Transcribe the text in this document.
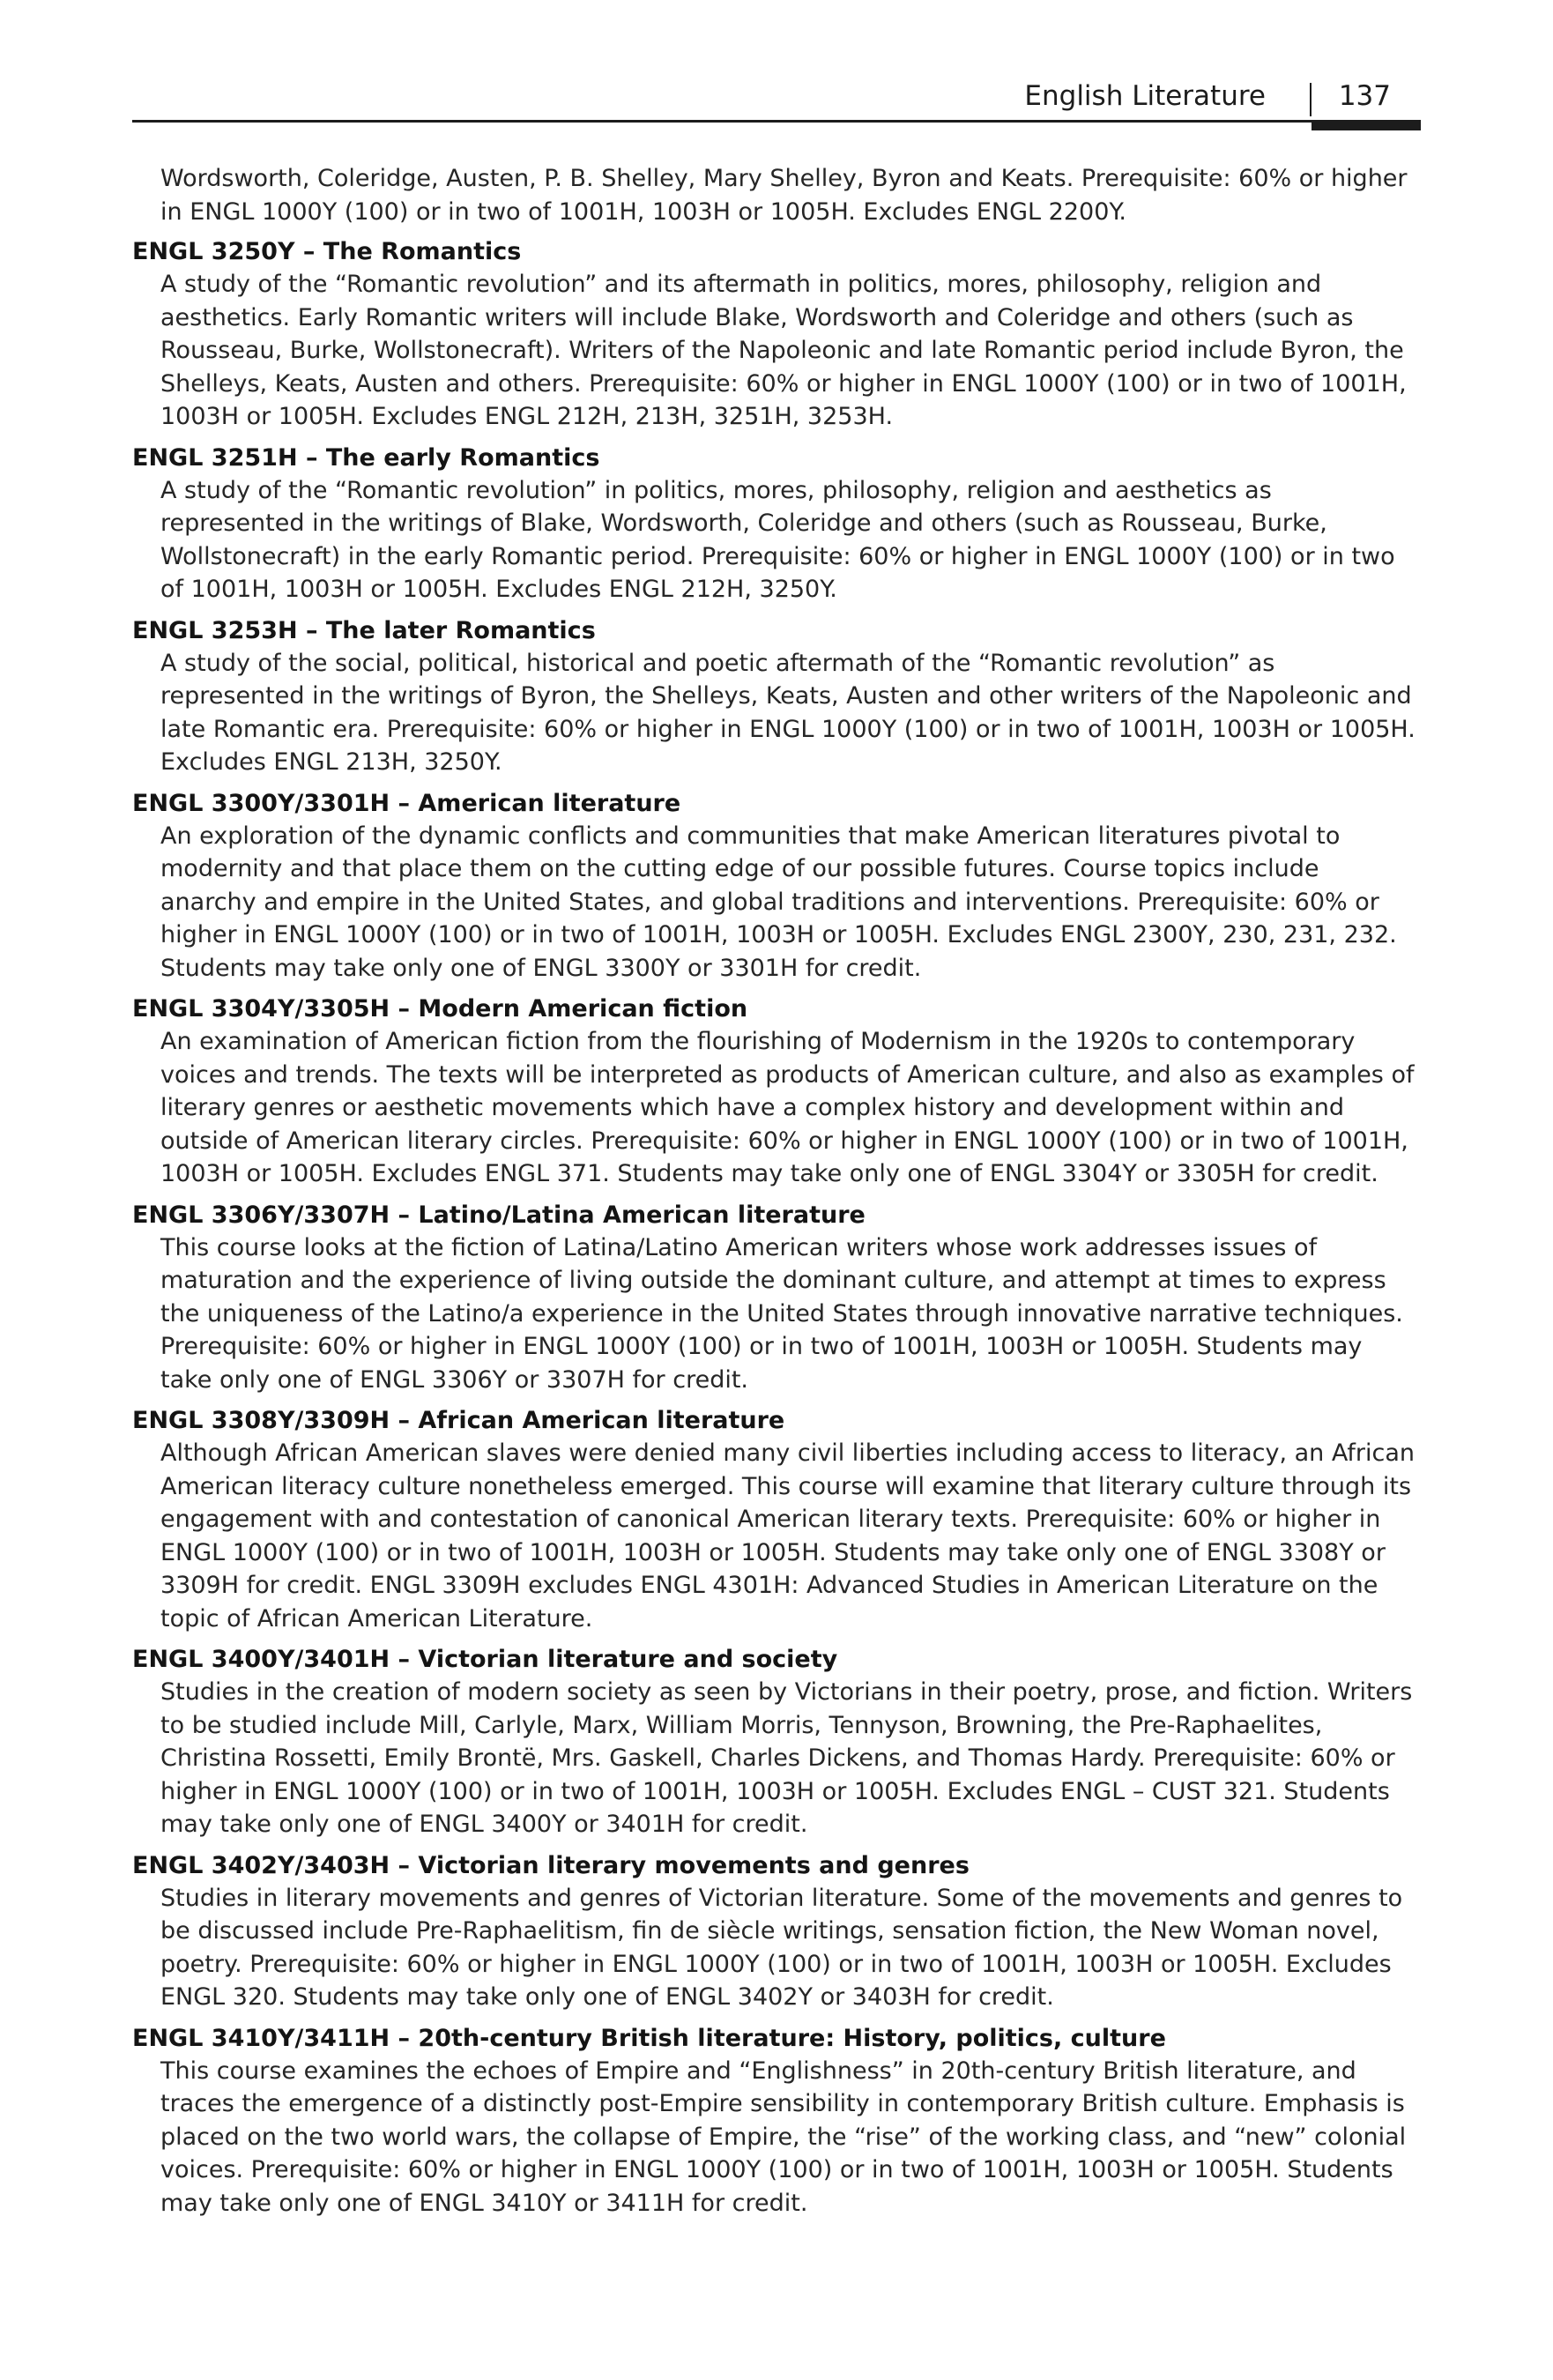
English Literature	137

Wordsworth, Coleridge, Austen, P. B. Shelley, Mary Shelley, Byron and Keats. Prerequisite: 60% or higher in ENGL 1000Y (100) or in two of 1001H, 1003H or 1005H. Excludes ENGL 2200Y.

ENGL 3250Y – The Romantics
A study of the “Romantic revolution” and its aftermath in politics, mores, philosophy, religion and aesthetics. Early Romantic writers will include Blake, Wordsworth and Coleridge and others (such as Rousseau, Burke, Wollstonecraft). Writers of the Napoleonic and late Romantic period include Byron, the Shelleys, Keats, Austen and others. Prerequisite: 60% or higher in ENGL 1000Y (100) or in two of 1001H, 1003H or 1005H. Excludes ENGL 212H, 213H, 3251H, 3253H.
ENGL 3251H – The early Romantics
A study of the “Romantic revolution” in politics, mores, philosophy, religion and aesthetics as represented in the writings of Blake, Wordsworth, Coleridge and others (such as Rousseau, Burke, Wollstonecraft) in the early Romantic period. Prerequisite: 60% or higher in ENGL 1000Y (100) or in two of 1001H, 1003H or 1005H. Excludes ENGL 212H, 3250Y.
ENGL 3253H – The later Romantics
A study of the social, political, historical and poetic aftermath of the “Romantic revolution” as represented in the writings of Byron, the Shelleys, Keats, Austen and other writers of the Napoleonic and late Romantic era. Prerequisite: 60% or higher in ENGL 1000Y (100) or in two of 1001H, 1003H or 1005H. Excludes ENGL 213H, 3250Y.
ENGL 3300Y/3301H – American literature
An exploration of the dynamic conflicts and communities that make American literatures pivotal to modernity and that place them on the cutting edge of our possible futures. Course topics include anarchy and empire in the United States, and global traditions and interventions. Prerequisite: 60% or higher in ENGL 1000Y (100) or in two of 1001H, 1003H or 1005H. Excludes ENGL 2300Y, 230, 231, 232. Students may take only one of ENGL 3300Y or 3301H for credit.
ENGL 3304Y/3305H – Modern American fiction
An examination of American fiction from the flourishing of Modernism in the 1920s to contemporary voices and trends. The texts will be interpreted as products of American culture, and also as examples of literary genres or aesthetic movements which have a complex history and development within and outside of American literary circles. Prerequisite: 60% or higher in ENGL 1000Y (100) or in two of 1001H, 1003H or 1005H. Excludes ENGL 371. Students may take only one of ENGL 3304Y or 3305H for credit.
ENGL 3306Y/3307H – Latino/Latina American literature
This course looks at the fiction of Latina/Latino American writers whose work addresses issues of maturation and the experience of living outside the dominant culture, and attempt at times to express the uniqueness of the Latino/a experience in the United States through innovative narrative techniques. Prerequisite: 60% or higher in ENGL 1000Y (100) or in two of 1001H, 1003H or 1005H. Students may take only one of ENGL 3306Y or 3307H for credit.
ENGL 3308Y/3309H – African American literature
Although African American slaves were denied many civil liberties including access to literacy, an African American literacy culture nonetheless emerged. This course will examine that literary culture through its engagement with and contestation of canonical American literary texts. Prerequisite: 60% or higher in ENGL 1000Y (100) or in two of 1001H, 1003H or 1005H. Students may take only one of ENGL 3308Y or 3309H for credit. ENGL 3309H excludes ENGL 4301H: Advanced Studies in American Literature on the topic of African American Literature.
ENGL 3400Y/3401H – Victorian literature and society
Studies in the creation of modern society as seen by Victorians in their poetry, prose, and fiction. Writers to be studied include Mill, Carlyle, Marx, William Morris, Tennyson, Browning, the Pre-Raphaelites, Christina Rossetti, Emily Brontë, Mrs. Gaskell, Charles Dickens, and Thomas Hardy. Prerequisite: 60% or higher in ENGL 1000Y (100) or in two of 1001H, 1003H or 1005H. Excludes ENGL – CUST 321. Students may take only one of ENGL 3400Y or 3401H for credit.
ENGL 3402Y/3403H – Victorian literary movements and genres
Studies in literary movements and genres of Victorian literature. Some of the movements and genres to be discussed include Pre-Raphaelitism, fin de siècle writings, sensation fiction, the New Woman novel, poetry. Prerequisite: 60% or higher in ENGL 1000Y (100) or in two of 1001H, 1003H or 1005H. Excludes ENGL 320. Students may take only one of ENGL 3402Y or 3403H for credit.
ENGL 3410Y/3411H – 20th-century British literature: History, politics, culture
This course examines the echoes of Empire and “Englishness” in 20th-century British literature, and traces the emergence of a distinctly post-Empire sensibility in contemporary British culture. Emphasis is placed on the two world wars, the collapse of Empire, the “rise” of the working class, and “new” colonial voices. Prerequisite: 60% or higher in ENGL 1000Y (100) or in two of 1001H, 1003H or 1005H. Students may take only one of ENGL 3410Y or 3411H for credit.
